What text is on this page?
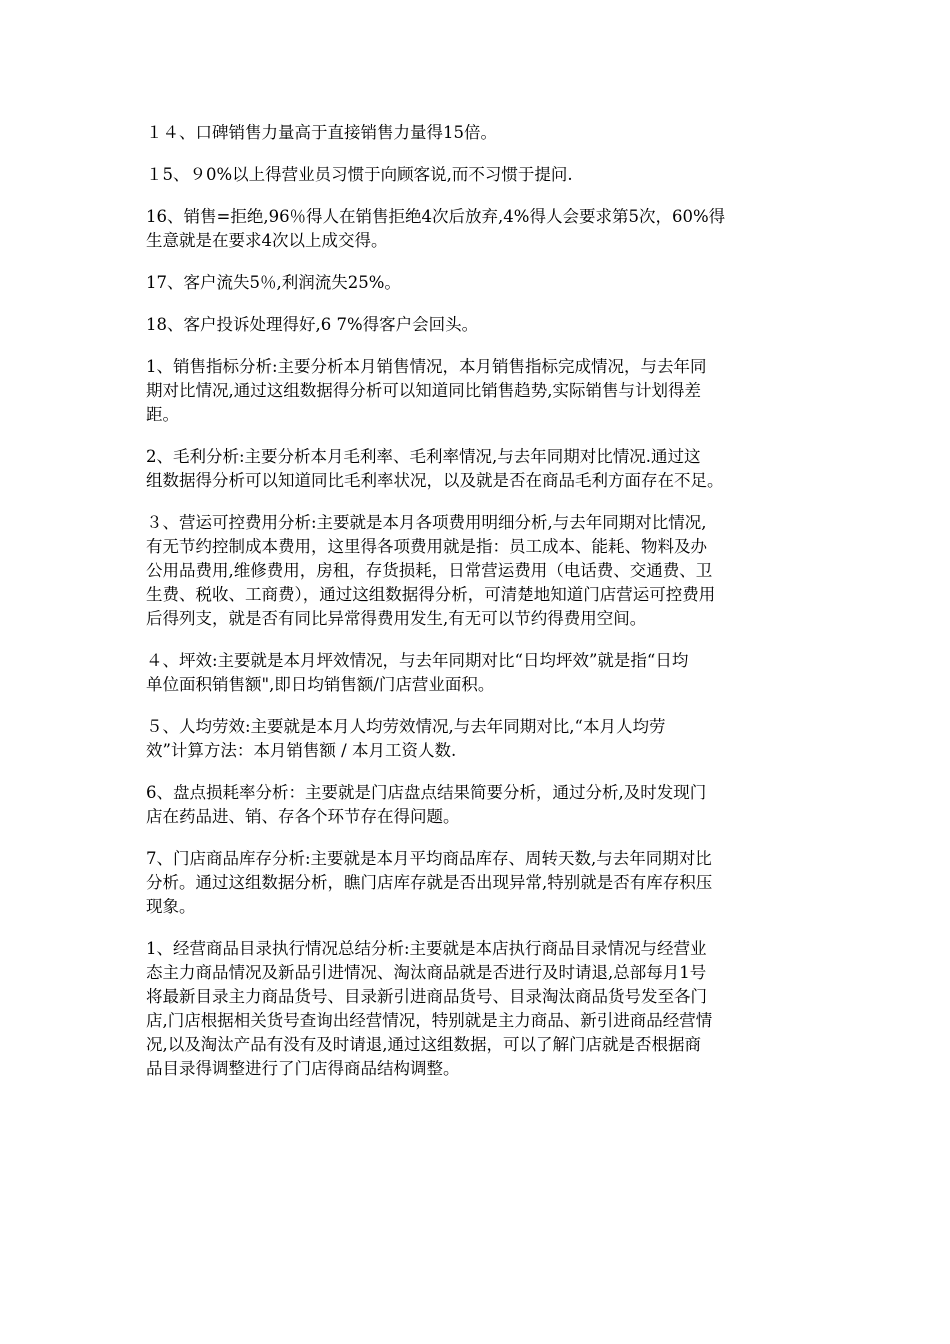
１４、口碑销售力量高于直接销售力量得15倍。

１5、９0%以上得营业员习惯于向顾客说,而不习惯于提问.

16、销售=拒绝,96％得人在销售拒绝4次后放弃,4%得人会要求第5次，60%得
生意就是在要求4次以上成交得。

17、客户流失5％,利润流失25%。

18、客户投诉处理得好,6 7%得客户会回头。

1、销售指标分析:主要分析本月销售情况，本月销售指标完成情况，与去年同
期对比情况,通过这组数据得分析可以知道同比销售趋势,实际销售与计划得差
距。

2、毛利分析:主要分析本月毛利率、毛利率情况,与去年同期对比情况.通过这
组数据得分析可以知道同比毛利率状况，以及就是否在商品毛利方面存在不足。

３、营运可控费用分析:主要就是本月各项费用明细分析,与去年同期对比情况,
有无节约控制成本费用，这里得各项费用就是指：员工成本、能耗、物料及办
公用品费用,维修费用，房租，存货损耗，日常营运费用（电话费、交通费、卫
生费、税收、工商费），通过这组数据得分析，可清楚地知道门店营运可控费用
后得列支，就是否有同比异常得费用发生,有无可以节约得费用空间。

４、坪效:主要就是本月坪效情况，与去年同期对比“日均坪效”就是指“日均
单位面积销售额",即日均销售额/门店营业面积。

５、人均劳效:主要就是本月人均劳效情况,与去年同期对比,“本月人均劳
效”计算方法：本月销售额 / 本月工资人数.

6、盘点损耗率分析：主要就是门店盘点结果简要分析，通过分析,及时发现门
店在药品进、销、存各个环节存在得问题。

7、门店商品库存分析:主要就是本月平均商品库存、周转天数,与去年同期对比
分析。通过这组数据分析，瞧门店库存就是否出现异常,特别就是否有库存积压
现象。

1、经营商品目录执行情况总结分析:主要就是本店执行商品目录情况与经营业
态主力商品情况及新品引进情况、淘汰商品就是否进行及时请退,总部每月1号
将最新目录主力商品货号、目录新引进商品货号、目录淘汰商品货号发至各门
店,门店根据相关货号查询出经营情况，特别就是主力商品、新引进商品经营情
况,以及淘汰产品有没有及时请退,通过这组数据，可以了解门店就是否根据商
品目录得调整进行了门店得商品结构调整。
